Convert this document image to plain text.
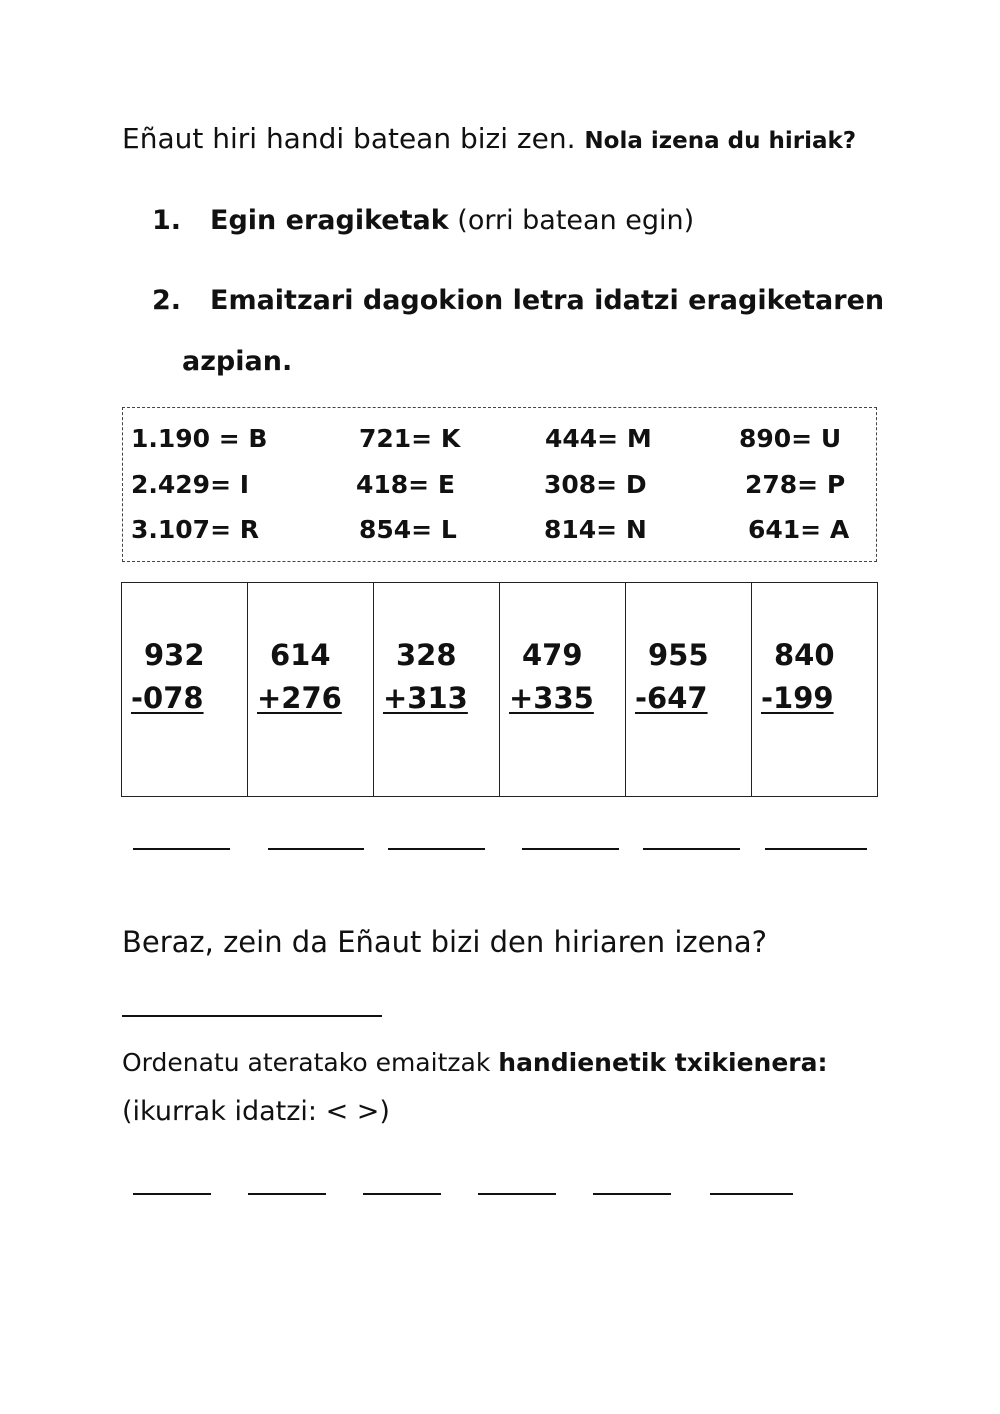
Eñaut hiri handi batean bizi zen. Nola izena du hiriak?
1. Egin eragiketak (orri batean egin)
2. Emaitzari dagokion letra idatzi eragiketaren
azpian.
1.190 = B	721= K	444= M	890= U
2.429= I	418= E	308= D	278= P
3.107= R	854= L	814= N	641= A
932
-078
614
+276
328
+313
479
+335
955
-647
840
-199
Beraz, zein da Eñaut bizi den hiriaren izena?
Ordenatu ateratako emaitzak handienetik txikienera:
(ikurrak idatzi: < >)
